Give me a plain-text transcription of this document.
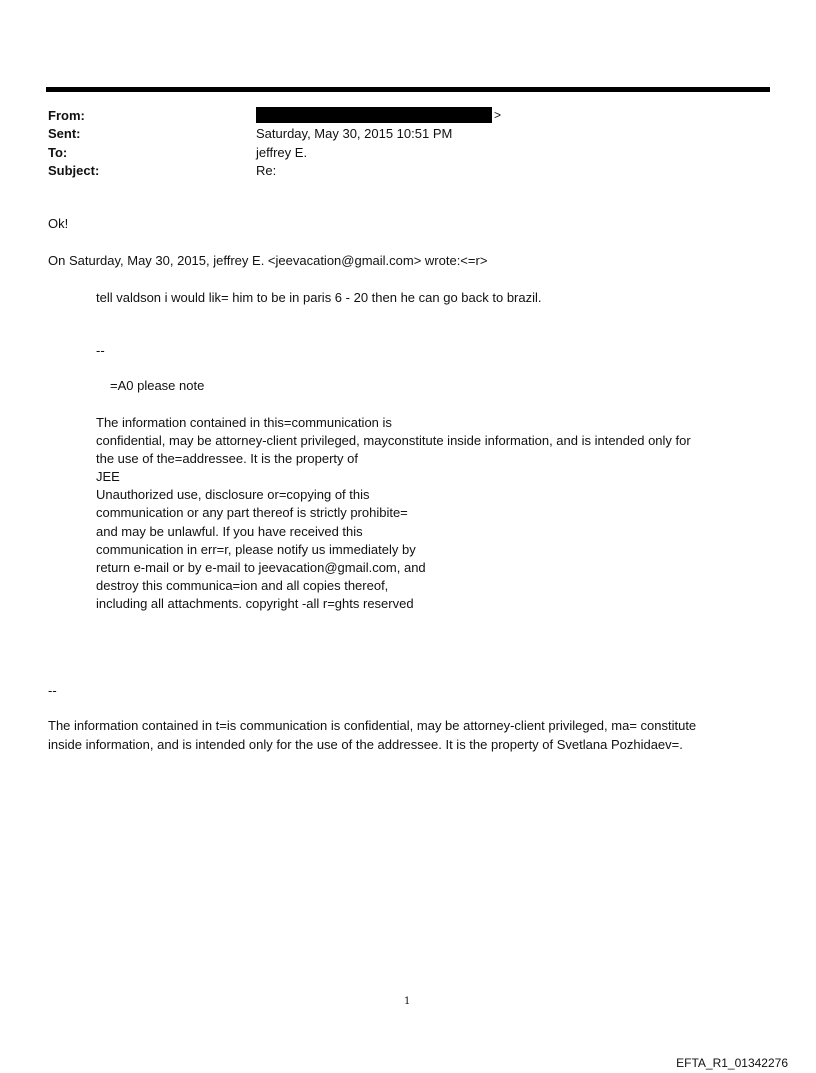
From:	>
Sent:	Saturday, May 30, 2015 10:51 PM
To:	jeffrey E.
Subject:	Re:
Ok!
On Saturday, May 30, 2015, jeffrey E. <jeevacation@gmail.com> wrote:<=r>
tell valdson i would lik= him to be in paris 6 - 20 then he can go back to brazil.
--
=A0 please note
The information contained in this=communication is
confidential, may be attorney-client privileged, mayconstitute inside information, and is intended only for
the use of the=addressee. It is the property of
JEE
Unauthorized use, disclosure or=copying of this
communication or any part thereof is strictly prohibite=
and may be unlawful. If you have received this
communication in err=r, please notify us immediately by
return e-mail or by e-mail to jeevacation@gmail.com, and
destroy this communica=ion and all copies thereof,
including all attachments. copyright -all r=ghts reserved
--
The information contained in t=is communication is confidential, may be attorney-client privileged, ma= constitute
inside information, and is intended only for the use of the addressee. It is the property of Svetlana Pozhidaev=.
1
EFTA_R1_01342276
